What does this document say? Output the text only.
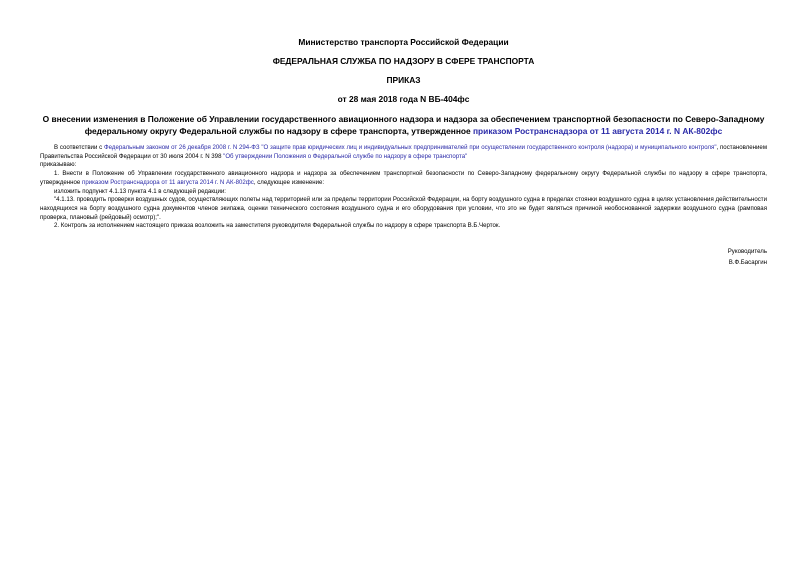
Министерство транспорта Российской Федерации
ФЕДЕРАЛЬНАЯ СЛУЖБА ПО НАДЗОРУ В СФЕРЕ ТРАНСПОРТА
ПРИКАЗ
от 28 мая 2018 года N ВБ-404фс
О внесении изменения в Положение об Управлении государственного авиационного надзора и надзора за обеспечением транспортной безопасности по Северо-Западному федеральному округу Федеральной службы по надзору в сфере транспорта, утвержденное приказом Ространснадзора от 11 августа 2014 г. N АК-802фс

В соответствии с Федеральным законом от 26 декабря 2008 г. N 294-ФЗ "О защите прав юридических лиц и индивидуальных предпринимателей при осуществлении государственного контроля (надзора) и муниципального контроля", постановлением Правительства Российской Федерации от 30 июля 2004 г. N 398 "Об утверждении Положения о Федеральной службе по надзору в сфере транспорта"

приказываю:

1. Внести в Положение об Управлении государственного авиационного надзора и надзора за обеспечением транспортной безопасности по Северо-Западному федеральному округу Федеральной службы по надзору в сфере транспорта, утвержденное приказом Ространснадзора от 11 августа 2014 г. N АК-802фс, следующее изменение:

изложить подпункт 4.1.13 пункта 4.1 в следующей редакции:

"4.1.13. проводить проверки воздушных судов, осуществляющих полеты над территорией или за пределы территории Российской Федерации, на борту воздушного судна в пределах стоянки воздушного судна в целях установления действительности находящихся на борту воздушного судна документов членов экипажа, оценки технического состояния воздушного судна и его оборудования при условии, что это не будет являться причиной необоснованной задержки воздушного судна (рамповая проверка, плановый (рейдовый) осмотр);".

2. Контроль за исполнением настоящего приказа возложить на заместителя руководителя Федеральной службы по надзору в сфере транспорта В.Б.Черток.

Руководитель
В.Ф.Басаргин
